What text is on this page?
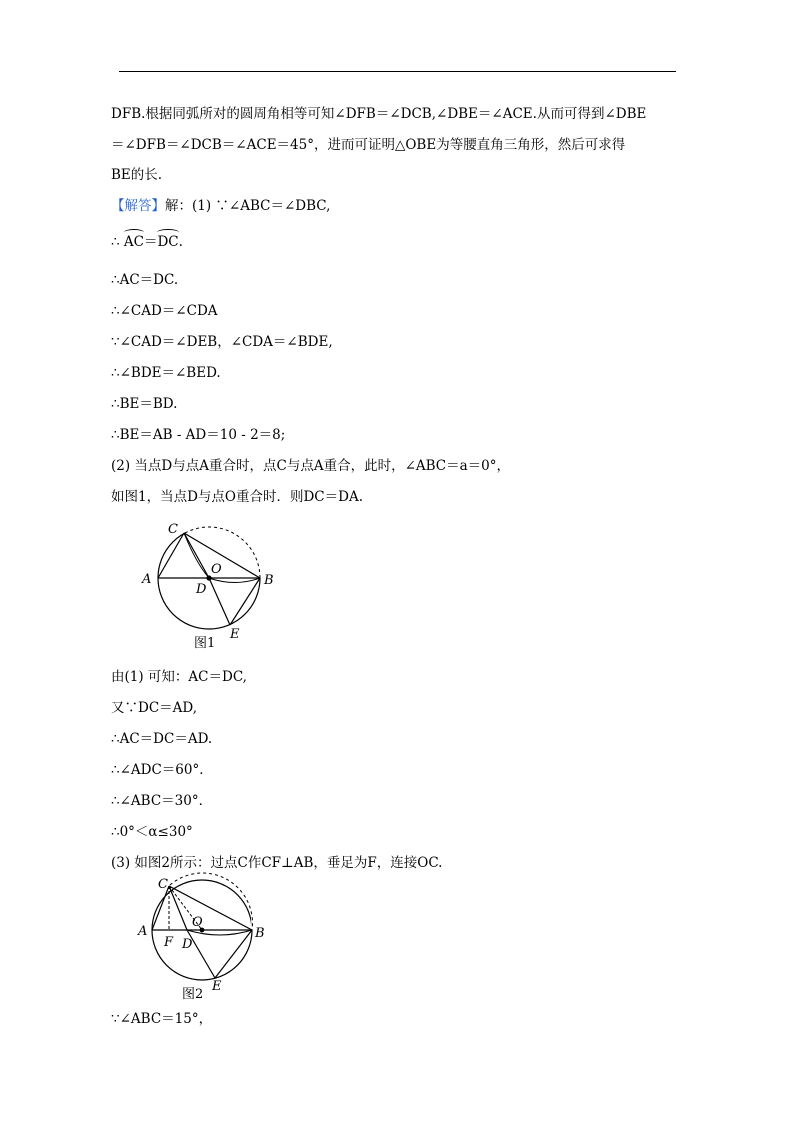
DFB.根据同弧所对的圆周角相等可知∠DFB＝∠DCB,∠DBE＝∠ACE.从而可得到∠DBE
＝∠DFB＝∠DCB＝∠ACE＝45°，进而可证明△OBE为等腰直角三角形，然后可求得
BE的长.
【解答】解：(1) ∵∠ABC＝∠DBC,
∴ AC＝DC.
∴AC＝DC.
∴∠CAD＝∠CDA
∵∠CAD＝∠DEB，∠CDA＝∠BDE,
∴∠BDE＝∠BED.
∴BE＝BD.
∴BE＝AB - AD＝10 - 2＝8;
(2) 当点D与点A重合时，点C与点A重合，此时，∠ABC＝a＝0°，
如图1，当点D与点O重合时．则DC＝DA.
C
A
O
D
B
E
图1
由(1) 可知：AC＝DC,
又∵DC＝AD,
∴AC＝DC＝AD.
∴∠ADC＝60°．
∴∠ABC＝30°．
∴0°＜α≤30°
(3) 如图2所示：过点C作CF⊥AB，垂足为F，连接OC.
C
A
F D
O
B
E
图2
∵∠ABC＝15°，
